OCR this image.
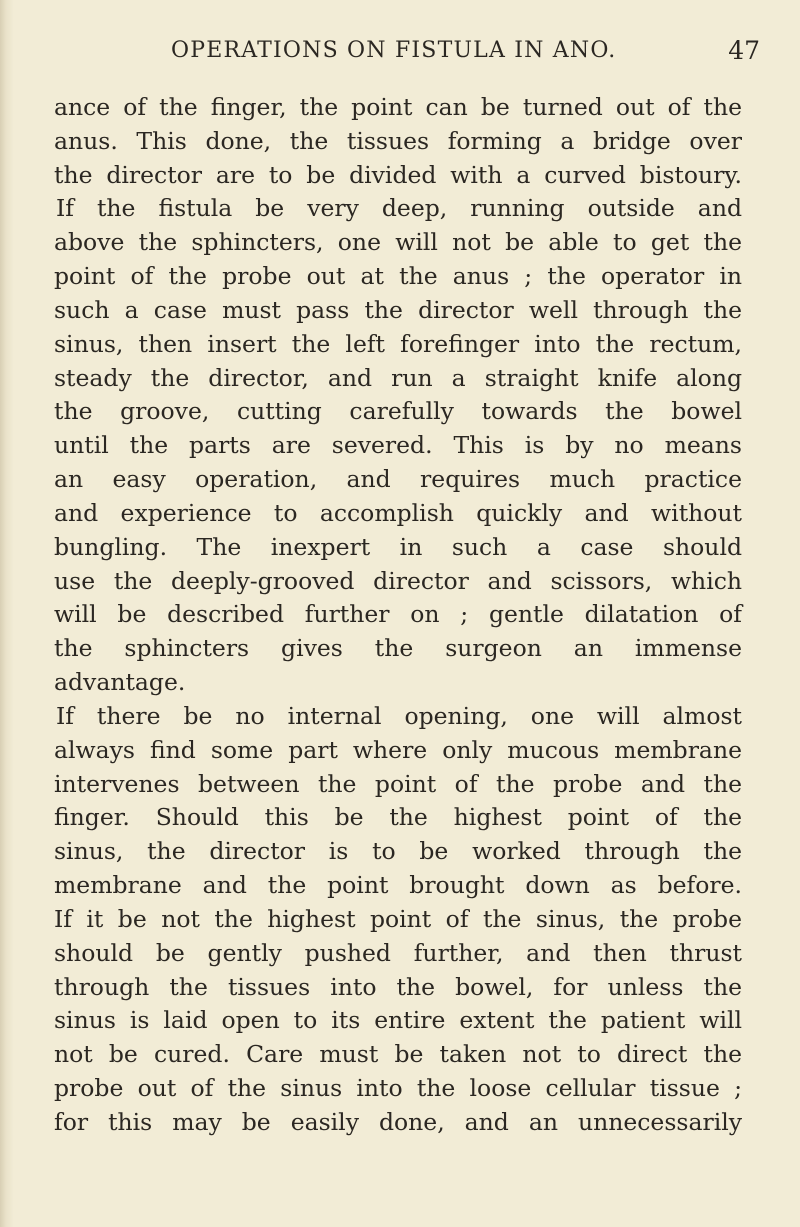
OPERATIONS ON FISTULA IN ANO.	47
ance of the finger, the point can be turned out of the
anus. This done, the tissues forming a bridge over
the director are to be divided with a curved bistoury.
If the fistula be very deep, running outside and
above the sphincters, one will not be able to get the
point of the probe out at the anus ; the operator in
such a case must pass the director well through the
sinus, then insert the left forefinger into the rectum,
steady the director, and run a straight knife along
the groove, cutting carefully towards the bowel
until the parts are severed. This is by no means
an easy operation, and requires much practice
and experience to accomplish quickly and without
bungling. The inexpert in such a case should
use the deeply-grooved director and scissors, which
will be described further on ; gentle dilatation of
the sphincters gives the surgeon an immense
advantage.
If there be no internal opening, one will almost
always find some part where only mucous membrane
intervenes between the point of the probe and the
finger. Should this be the highest point of the
sinus, the director is to be worked through the
membrane and the point brought down as before.
If it be not the highest point of the sinus, the probe
should be gently pushed further, and then thrust
through the tissues into the bowel, for unless the
sinus is laid open to its entire extent the patient will
not be cured. Care must be taken not to direct the
probe out of the sinus into the loose cellular tissue ;
for this may be easily done, and an unnecessarily
